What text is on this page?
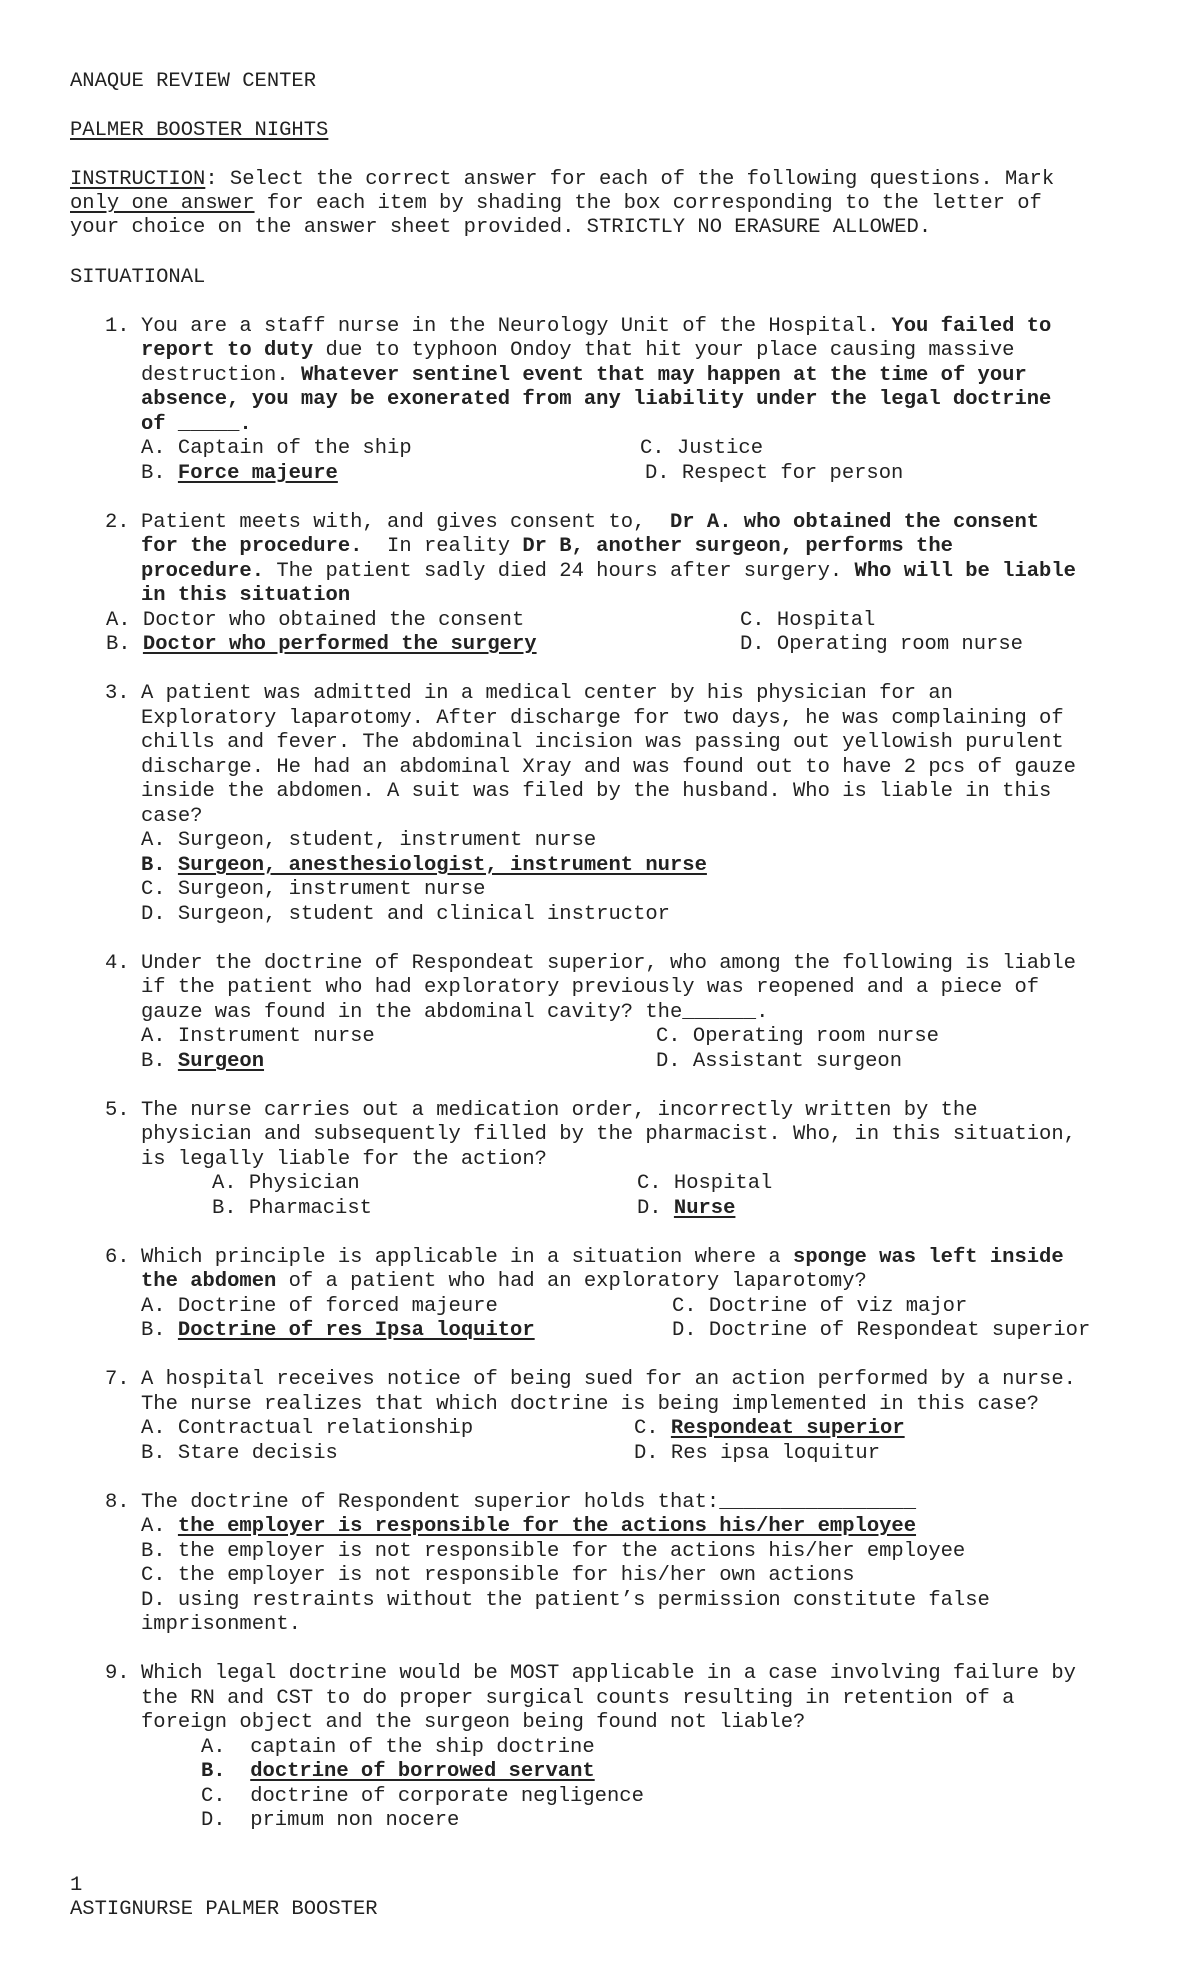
ANAQUE REVIEW CENTER
PALMER BOOSTER NIGHTS
INSTRUCTION: Select the correct answer for each of the following questions. Mark
only one answer for each item by shading the box corresponding to the letter of
your choice on the answer sheet provided. STRICTLY NO ERASURE ALLOWED.
SITUATIONAL
1. You are a staff nurse in the Neurology Unit of the Hospital. You failed to
report to duty due to typhoon Ondoy that hit your place causing massive
destruction. Whatever sentinel event that may happen at the time of your
absence, you may be exonerated from any liability under the legal doctrine
of _____.
A. Captain of the ship
B. Force majeure
C. Justice
D. Respect for person
2. Patient meets with, and gives consent to,  Dr A. who obtained the consent
for the procedure.  In reality Dr B, another surgeon, performs the
procedure. The patient sadly died 24 hours after surgery. Who will be liable
in this situation
A. Doctor who obtained the consent
B. Doctor who performed the surgery
C. Hospital
D. Operating room nurse
3. A patient was admitted in a medical center by his physician for an
Exploratory laparotomy. After discharge for two days, he was complaining of
chills and fever. The abdominal incision was passing out yellowish purulent
discharge. He had an abdominal Xray and was found out to have 2 pcs of gauze
inside the abdomen. A suit was filed by the husband. Who is liable in this
case?
A. Surgeon, student, instrument nurse
B. Surgeon, anesthesiologist, instrument nurse
C. Surgeon, instrument nurse
D. Surgeon, student and clinical instructor
4. Under the doctrine of Respondeat superior, who among the following is liable
if the patient who had exploratory previously was reopened and a piece of
gauze was found in the abdominal cavity? the______.
A. Instrument nurse
B. Surgeon
C. Operating room nurse
D. Assistant surgeon
5. The nurse carries out a medication order, incorrectly written by the
physician and subsequently filled by the pharmacist. Who, in this situation,
is legally liable for the action?
A. Physician
B. Pharmacist
C. Hospital
D. Nurse
6. Which principle is applicable in a situation where a sponge was left inside
the abdomen of a patient who had an exploratory laparotomy?
A. Doctrine of forced majeure
B. Doctrine of res Ipsa loquitor
C. Doctrine of viz major
D. Doctrine of Respondeat superior
7. A hospital receives notice of being sued for an action performed by a nurse.
The nurse realizes that which doctrine is being implemented in this case?
A. Contractual relationship
B. Stare decisis
C. Respondeat superior
D. Res ipsa loquitur
8. The doctrine of Respondent superior holds that:________________
A. the employer is responsible for the actions his/her employee
B. the employer is not responsible for the actions his/her employee
C. the employer is not responsible for his/her own actions
D. using restraints without the patient’s permission constitute false
imprisonment.
9. Which legal doctrine would be MOST applicable in a case involving failure by
the RN and CST to do proper surgical counts resulting in retention of a
foreign object and the surgeon being found not liable?
A.  captain of the ship doctrine
B.  doctrine of borrowed servant
C.  doctrine of corporate negligence
D.  primum non nocere
1
ASTIGNURSE PALMER BOOSTER
